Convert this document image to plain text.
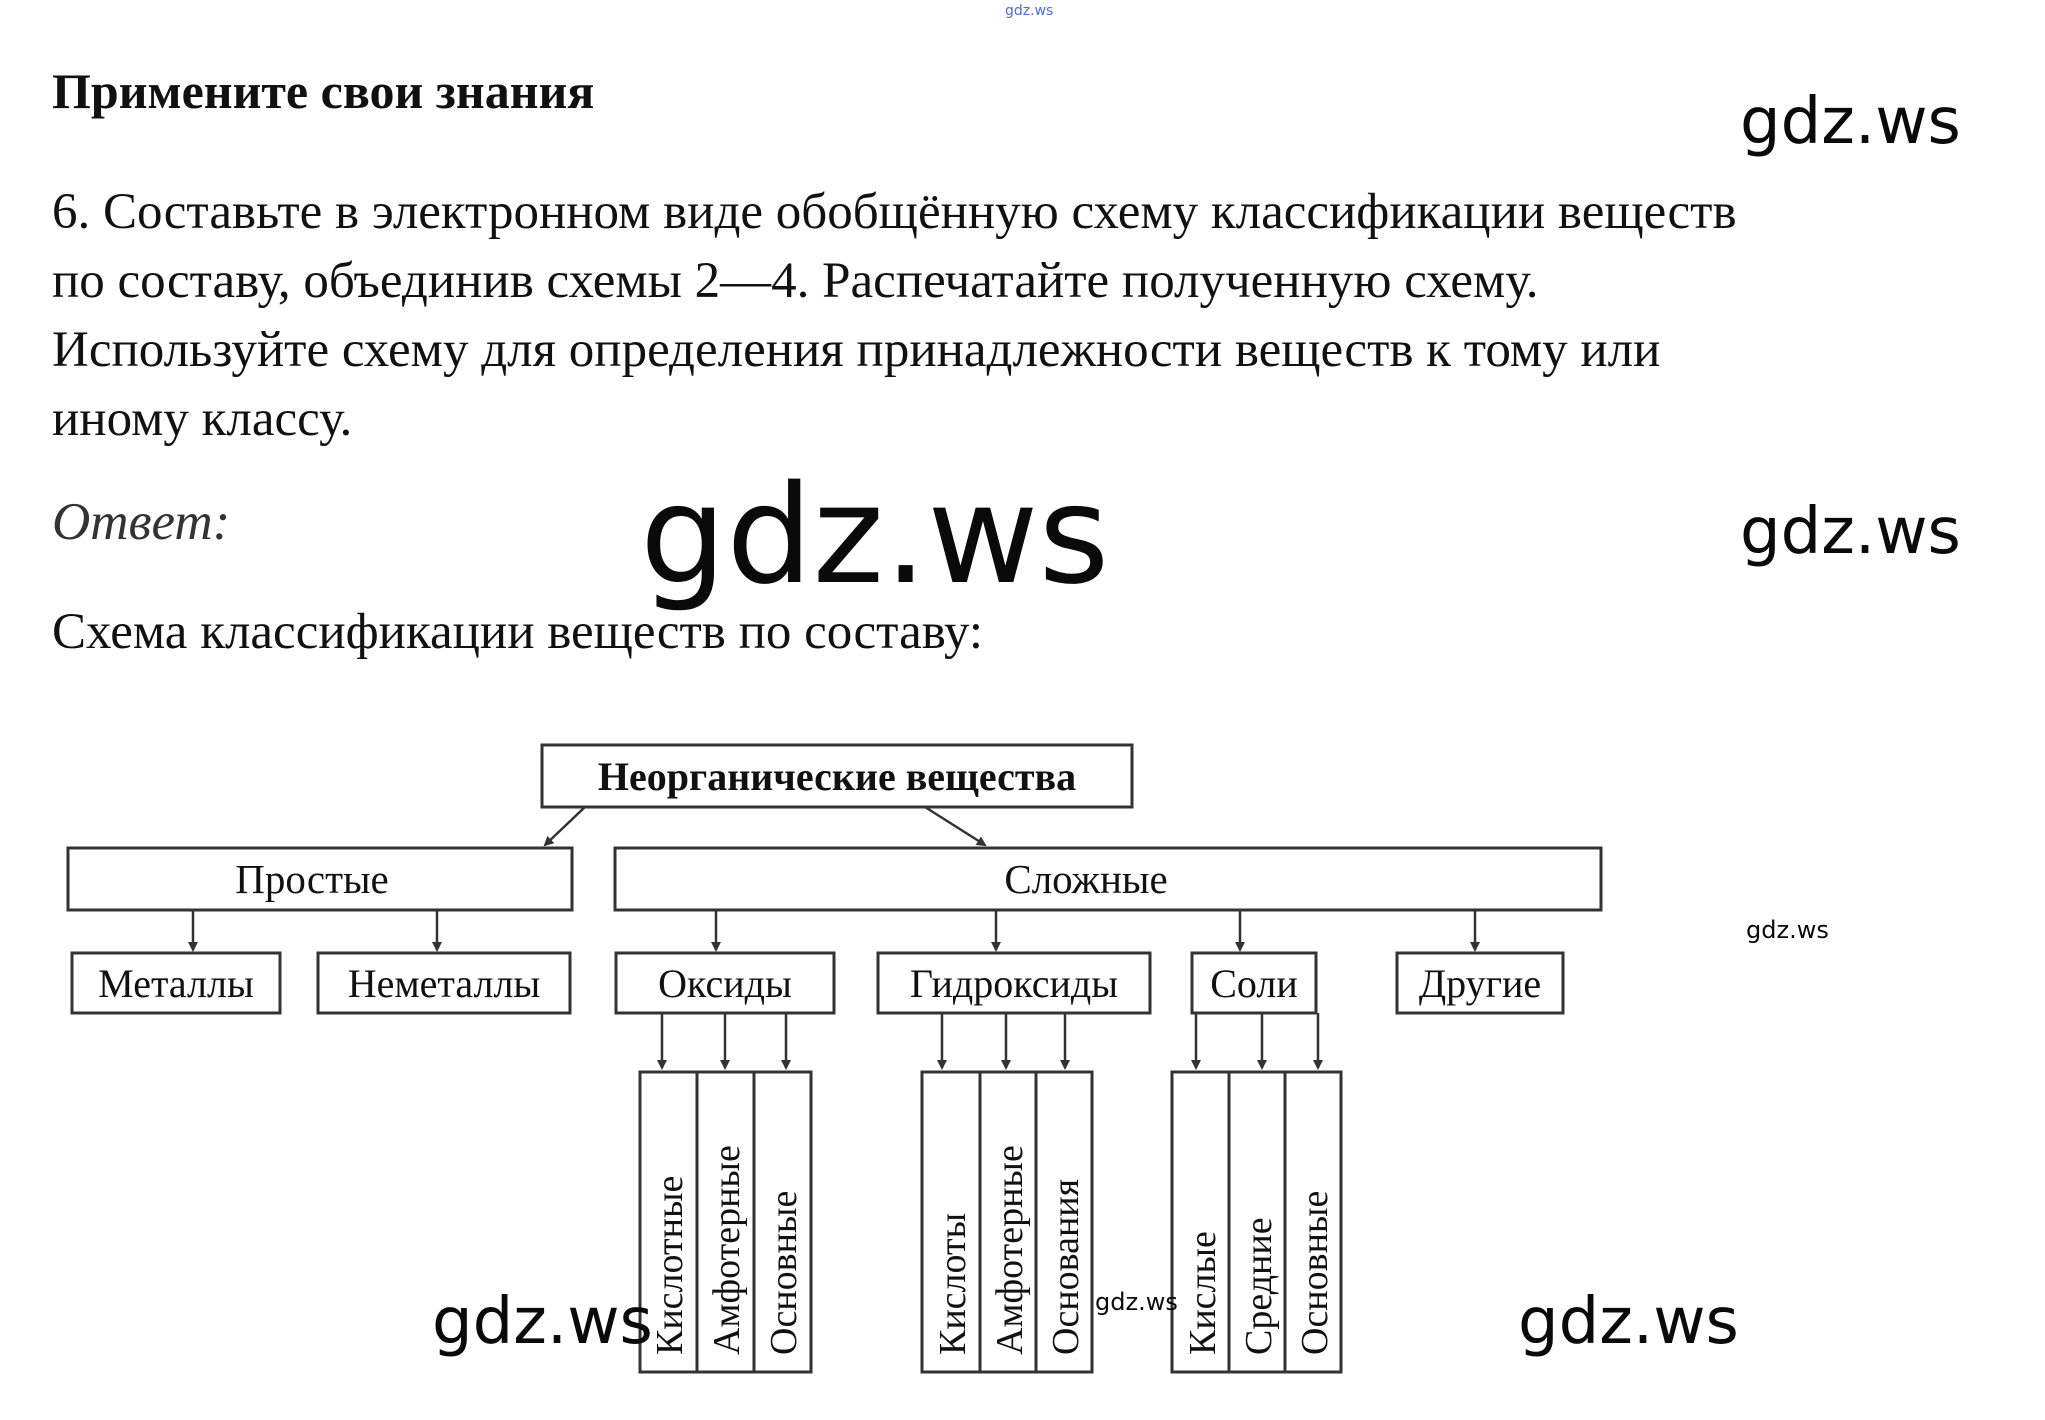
Примените свои знания

6. Составьте в электронном виде обобщённую схему классификации веществ

по составу, объединив схемы 2—4. Распечатайте полученную схему.

Используйте схему для определения принадлежности веществ к тому или

иному классу.

Ответ:
Схема классификации веществ по составу:
Неорганические вещества
Простые	Сложные
Металлы Неметаллы	Оксиды	Гидроксиды Соли	Другие
Кислотные Амфотерные Основные	Кислоты Амфотерные Основания	Кислые Средние Основные
gdz.ws
gdz.ws
gdz.ws
gdz.ws
gdz.ws
gdz.ws
gdz.ws	gdz.ws
